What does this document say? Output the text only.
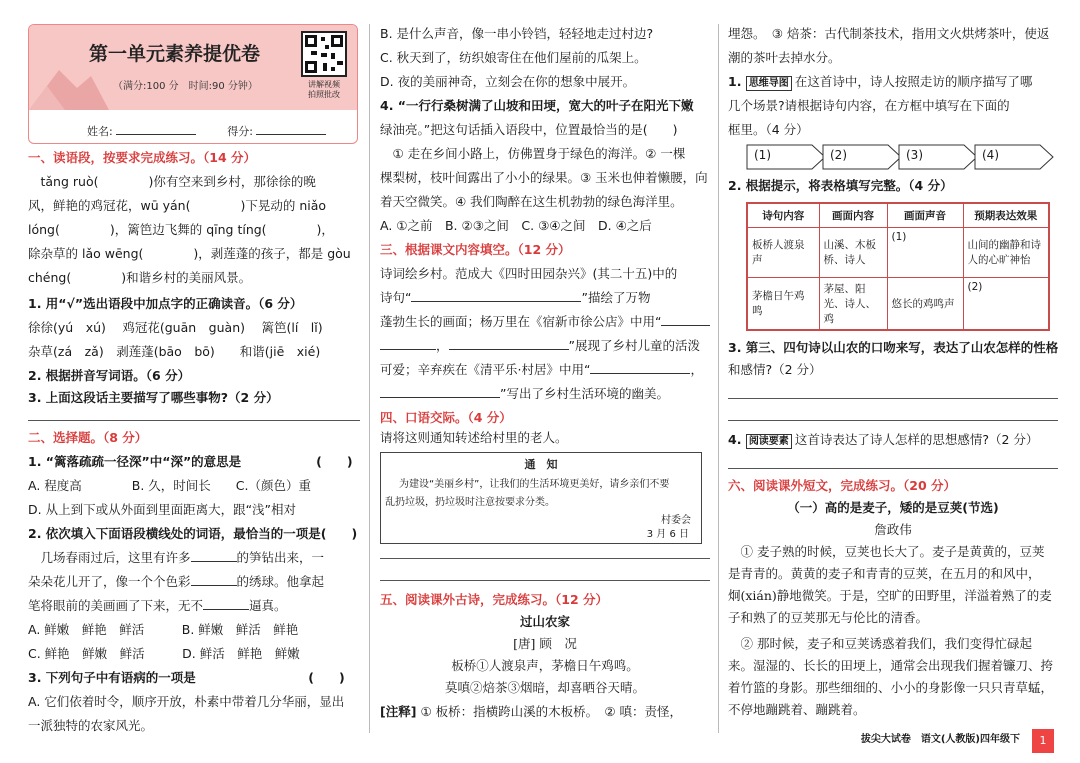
第一单元素养提优卷
（满分:100 分　时间:90 分钟）	讲解视频
拍照批改
姓名:	得分:
一、读语段，按要求完成练习。（14 分）
　tǎng ruò(　　　　)你有空来到乡村，那徐徐的晚
风，鲜艳的鸡冠花，wū yán(　　　　)下晃动的 niǎo
lóng(　　　　)，篱笆边飞舞的 qīng tíng(　　　　)，
除杂草的 lǎo wēng(　　　　)，剥莲蓬的孩子，都是 gòu
chéng(　　　　)和谐乡村的美丽风景。
1. 用“√”选出语段中加点字的正确读音。（6 分）
徐徐(yú　xú)　 鸡冠花(guān　guàn)　 篱笆(lí　lǐ)
杂草(zá　zǎ)　剥莲蓬(bāo　bō)　　和谐(jiē　xié)
2. 根据拼音写词语。（6 分）
3. 上面这段话主要描写了哪些事物?（2 分）
二、选择题。（8 分）
1. “篱落疏疏一径深”中“深”的意思是　　　　　　(　　)
A. 程度高　　　　B. 久，时间长　　C.（颜色）重
D. 从上到下或从外面到里面距离大，跟“浅”相对
2. 依次填入下面语段横线处的词语，最恰当的一项是(　　)
　几场春雨过后，这里有许多	的笋钻出来，一
朵朵花儿开了，像一个个色彩	的绣球。他拿起
笔将眼前的美画画了下来，无不	逼真。
A. 鲜嫩　鲜艳　鲜活　　　B. 鲜嫩　鲜活　鲜艳
C. 鲜艳　鲜嫩　鲜活　　　D. 鲜活　鲜艳　鲜嫩
3. 下列句子中有语病的一项是　　　　　　　　　(　　)
A. 它们依着时令，顺序开放，朴素中带着几分华丽，显出
一派独特的农家风光。
B. 是什么声音，像一串小铃铛，轻轻地走过村边?
C. 秋天到了，纺织娘寄住在他们屋前的瓜架上。
D. 夜的美丽神奇，立刻会在你的想象中展开。
4. “一行行桑树满了山坡和田埂，宽大的叶子在阳光下嫩
绿油亮。”把这句话插入语段中，位置最恰当的是(　　)
　① 走在乡间小路上，仿佛置身于绿色的海洋。② 一棵
棵梨树，枝叶间露出了小小的绿果。③ 玉米也伸着懒腰，向
着天空微笑。④ 我们陶醉在这生机勃勃的绿色海洋里。
A. ①之前　B. ②③之间　C. ③④之间　D. ④之后
三、根据课文内容填空。（12 分）
诗词绘乡村。范成大《四时田园杂兴》(其二十五)中的
诗句“	”描绘了万物
蓬勃生长的画面；杨万里在《宿新市徐公店》中用“
，	”展现了乡村儿童的活泼
可爱；辛弃疾在《清平乐·村居》中用“	，
”写出了乡村生活环境的幽美。
四、口语交际。（4 分）
请将这则通知转述给村里的老人。
通　知
为建设“美丽乡村”，让我们的生活环境更美好，请乡亲们不要
乱扔垃圾，扔垃圾时注意按要求分类。
村委会
3 月 6 日
五、阅读课外古诗，完成练习。（12 分）
过山农家
[唐] 顾　况
板桥①人渡泉声，茅檐日午鸡鸣。
莫嗔②焙茶③烟暗，却喜晒谷天晴。
[注释] ① 板桥：指横跨山溪的木板桥。　② 嗔：责怪，
埋怨。　③ 焙茶：古代制茶技术，指用文火烘烤茶叶，使返
潮的茶叶去掉水分。
1. 思维导图 在这首诗中，诗人按照走访的顺序描写了哪
几个场景?请根据诗句内容，在方框中填写在下面的
框里。（4 分）
(1)	(2)	(3)	(4)
2. 根据提示，将表格填写完整。（4 分）
诗句内容	画面内容	画面声音	预期表达效果
板桥人渡泉声	山溪、木板桥、诗人	(1)	山间的幽静和诗人的心旷神怡
茅檐日午鸡鸣	茅屋、阳光、诗人、鸡	悠长的鸡鸣声	(2)
3. 第三、四句诗以山农的口吻来写，表达了山农怎样的性格
和感情?（2 分）
4. 阅读要素 这首诗表达了诗人怎样的思想感情?（2 分）
六、阅读课外短文，完成练习。（20 分）
（一）高的是麦子，矮的是豆荚(节选)
詹政伟
　① 麦子熟的时候，豆荚也长大了。麦子是黄黄的，豆荚
是青青的。黄黄的麦子和青青的豆荚，在五月的和风中，
炯(xián)静地微笑。于是，空旷的田野里，洋溢着熟了的麦
子和熟了的豆荚那无与伦比的清香。
　② 那时候，麦子和豆荚诱惑着我们，我们变得忙碌起
来。湿湿的、长长的田埂上，通常会出现我们握着镰刀、挎
着竹篮的身影。那些细细的、小小的身影像一只只青草蜢，
不停地蹦跳着、蹦跳着。
拔尖大试卷　语文(人教版)四年级下	1
